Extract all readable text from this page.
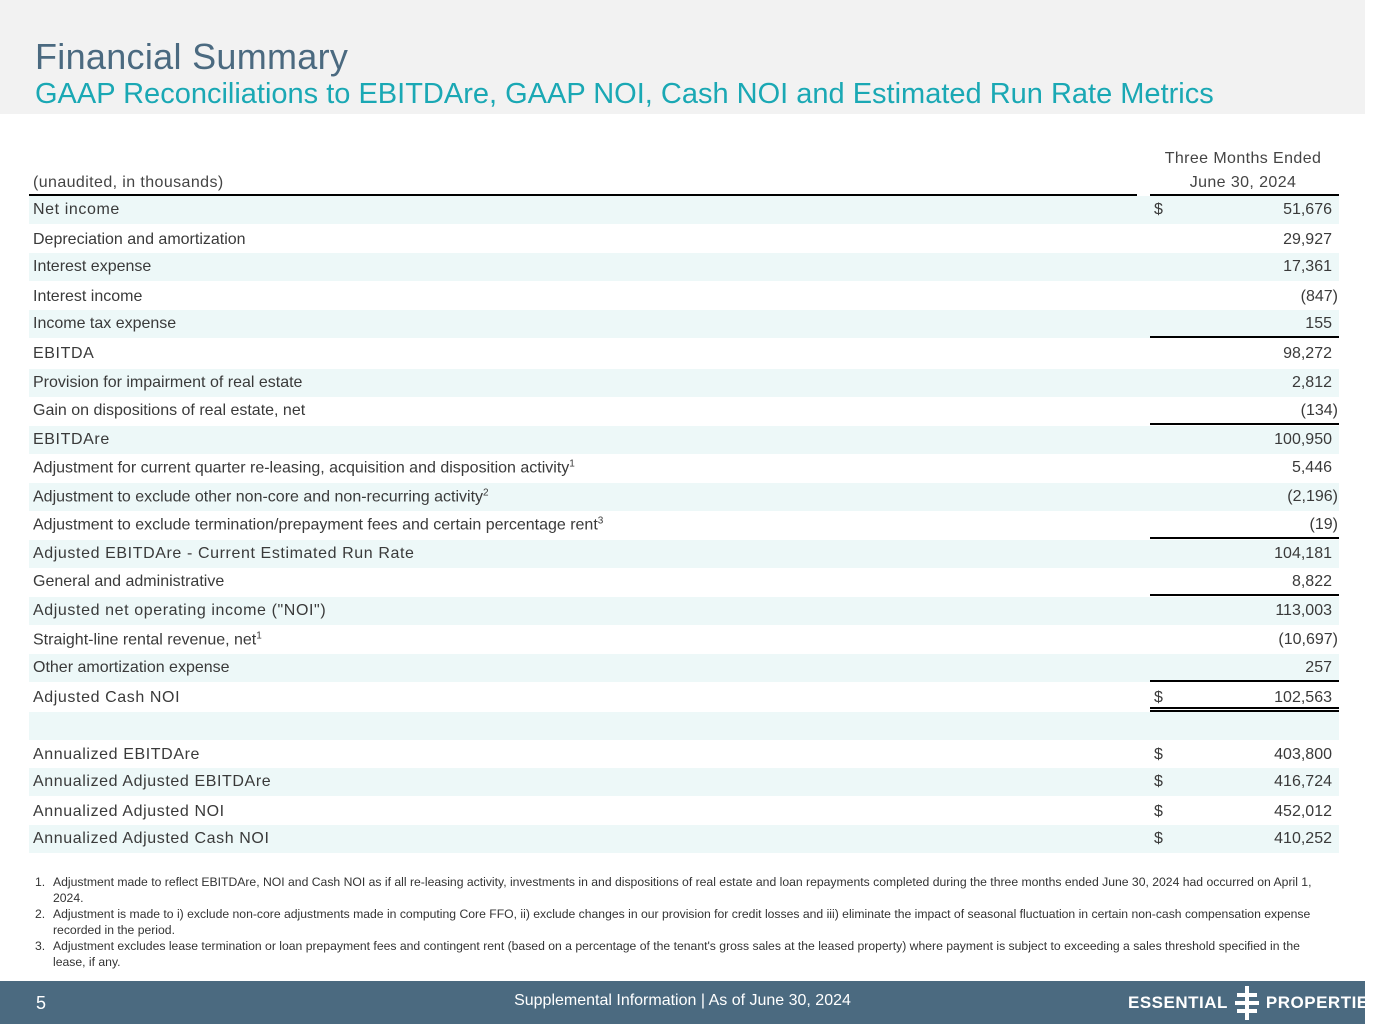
Financial Summary
GAAP Reconciliations to EBITDAre, GAAP NOI, Cash NOI and Estimated Run Rate Metrics
Three Months Ended
June 30, 2024
(unaudited, in thousands)
Net income	$	51,676
Depreciation and amortization	29,927
Interest expense	17,361
Interest income	(847)
Income tax expense	155
EBITDA	98,272
Provision for impairment of real estate	2,812
Gain on dispositions of real estate, net	(134)
EBITDAre	100,950
Adjustment for current quarter re-leasing, acquisition and disposition activity$^1$	5,446
Adjustment to exclude other non-core and non-recurring activity$^2$	(2,196)
Adjustment to exclude termination/prepayment fees and certain percentage rent$^3$	(19)
Adjusted EBITDAre - Current Estimated Run Rate	104,181
General and administrative	8,822
Adjusted net operating income ("NOI")	113,003
Straight-line rental revenue, net$^1$	(10,697)
Other amortization expense	257
Adjusted Cash NOI	$	102,563
Annualized EBITDAre	$	403,800
Annualized Adjusted EBITDAre	$	416,724
Annualized Adjusted NOI	$	452,012
Annualized Adjusted Cash NOI	$	410,252
1. Adjustment made to reflect EBITDAre, NOI and Cash NOI as if all re-leasing activity, investments in and dispositions of real estate and loan repayments completed during the three months ended June 30, 2024 had occurred on April 1, 2024.
2. Adjustment is made to i) exclude non-core adjustments made in computing Core FFO, ii) exclude changes in our provision for credit losses and iii) eliminate the impact of seasonal fluctuation in certain non-cash compensation expense recorded in the period.
3. Adjustment excludes lease termination or loan prepayment fees and contingent rent (based on a percentage of the tenant's gross sales at the leased property) where payment is subject to exceeding a sales threshold specified in the lease, if any.
5	Supplemental Information | As of June 30, 2024	ESSENTIAL PROPERTIES
